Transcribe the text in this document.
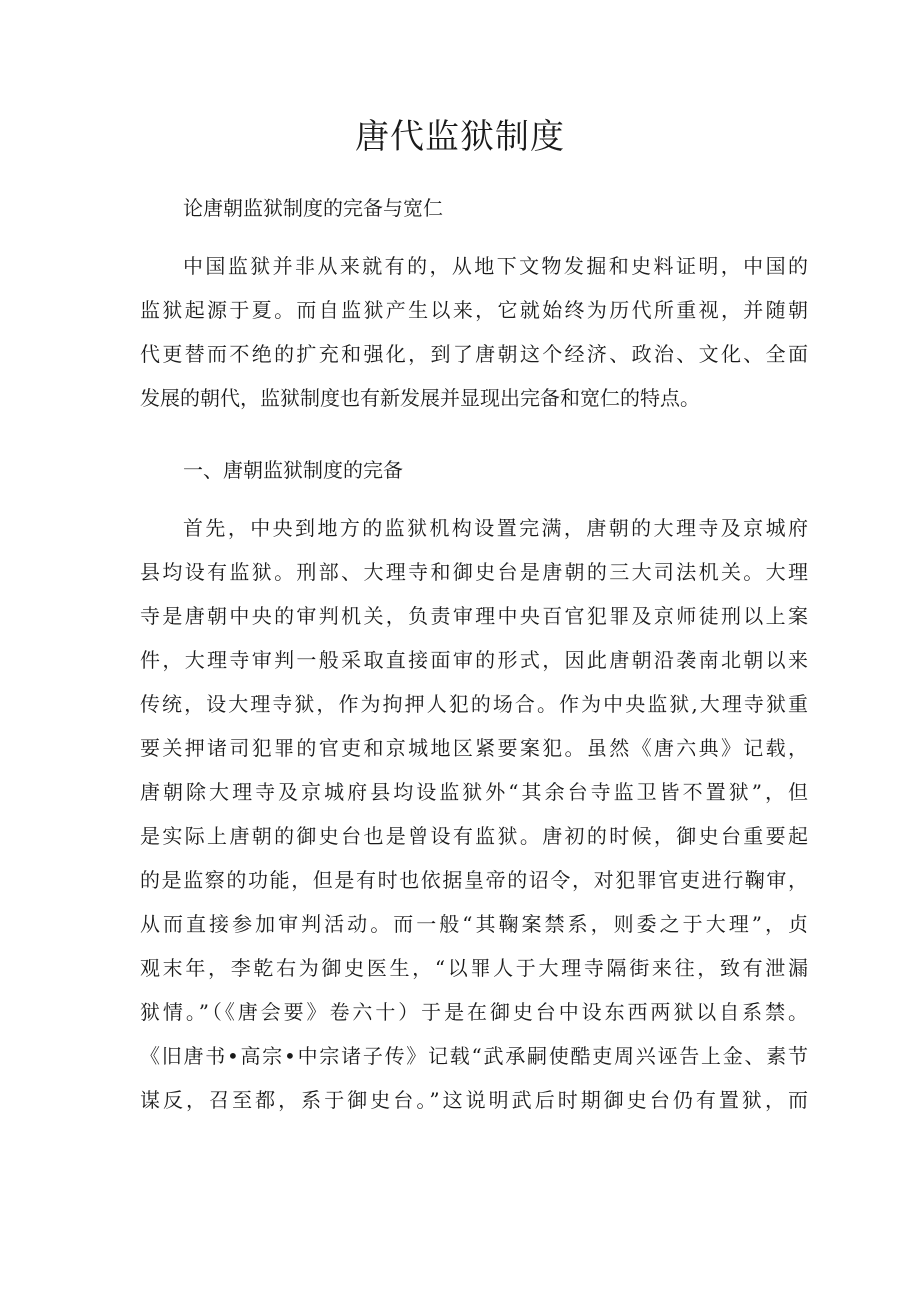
唐代监狱制度

论唐朝监狱制度的完备与宽仁

中国监狱并非从来就有的，从地下文物发掘和史料证明，中国的
监狱起源于夏。而自监狱产生以来，它就始终为历代所重视，并随朝
代更替而不绝的扩充和强化，到了唐朝这个经济、政治、文化、全面
发展的朝代，监狱制度也有新发展并显现出完备和宽仁的特点。

一、唐朝监狱制度的完备

首先，中央到地方的监狱机构设置完满，唐朝的大理寺及京城府
县均设有监狱。刑部、大理寺和御史台是唐朝的三大司法机关。大理
寺是唐朝中央的审判机关，负责审理中央百官犯罪及京师徒刑以上案
件，大理寺审判一般采取直接面审的形式，因此唐朝沿袭南北朝以来
传统，设大理寺狱，作为拘押人犯的场合。作为中央监狱,大理寺狱重
要关押诸司犯罪的官吏和京城地区紧要案犯。虽然《唐六典》记载，
唐朝除大理寺及京城府县均设监狱外“其余台寺监卫皆不置狱”，但
是实际上唐朝的御史台也是曾设有监狱。唐初的时候，御史台重要起
的是监察的功能，但是有时也依据皇帝的诏令，对犯罪官吏进行鞠审，
从而直接参加审判活动。而一般“其鞠案禁系，则委之于大理”，贞
观末年，李乾右为御史医生，“以罪人于大理寺隔街来往，致有泄漏
狱情。”（《唐会要》卷六十）于是在御史台中设东西两狱以自系禁。
《旧唐书•高宗•中宗诸子传》记载“武承嗣使酷吏周兴诬告上金、素节
谋反，召至都，系于御史台。”这说明武后时期御史台仍有置狱，而
